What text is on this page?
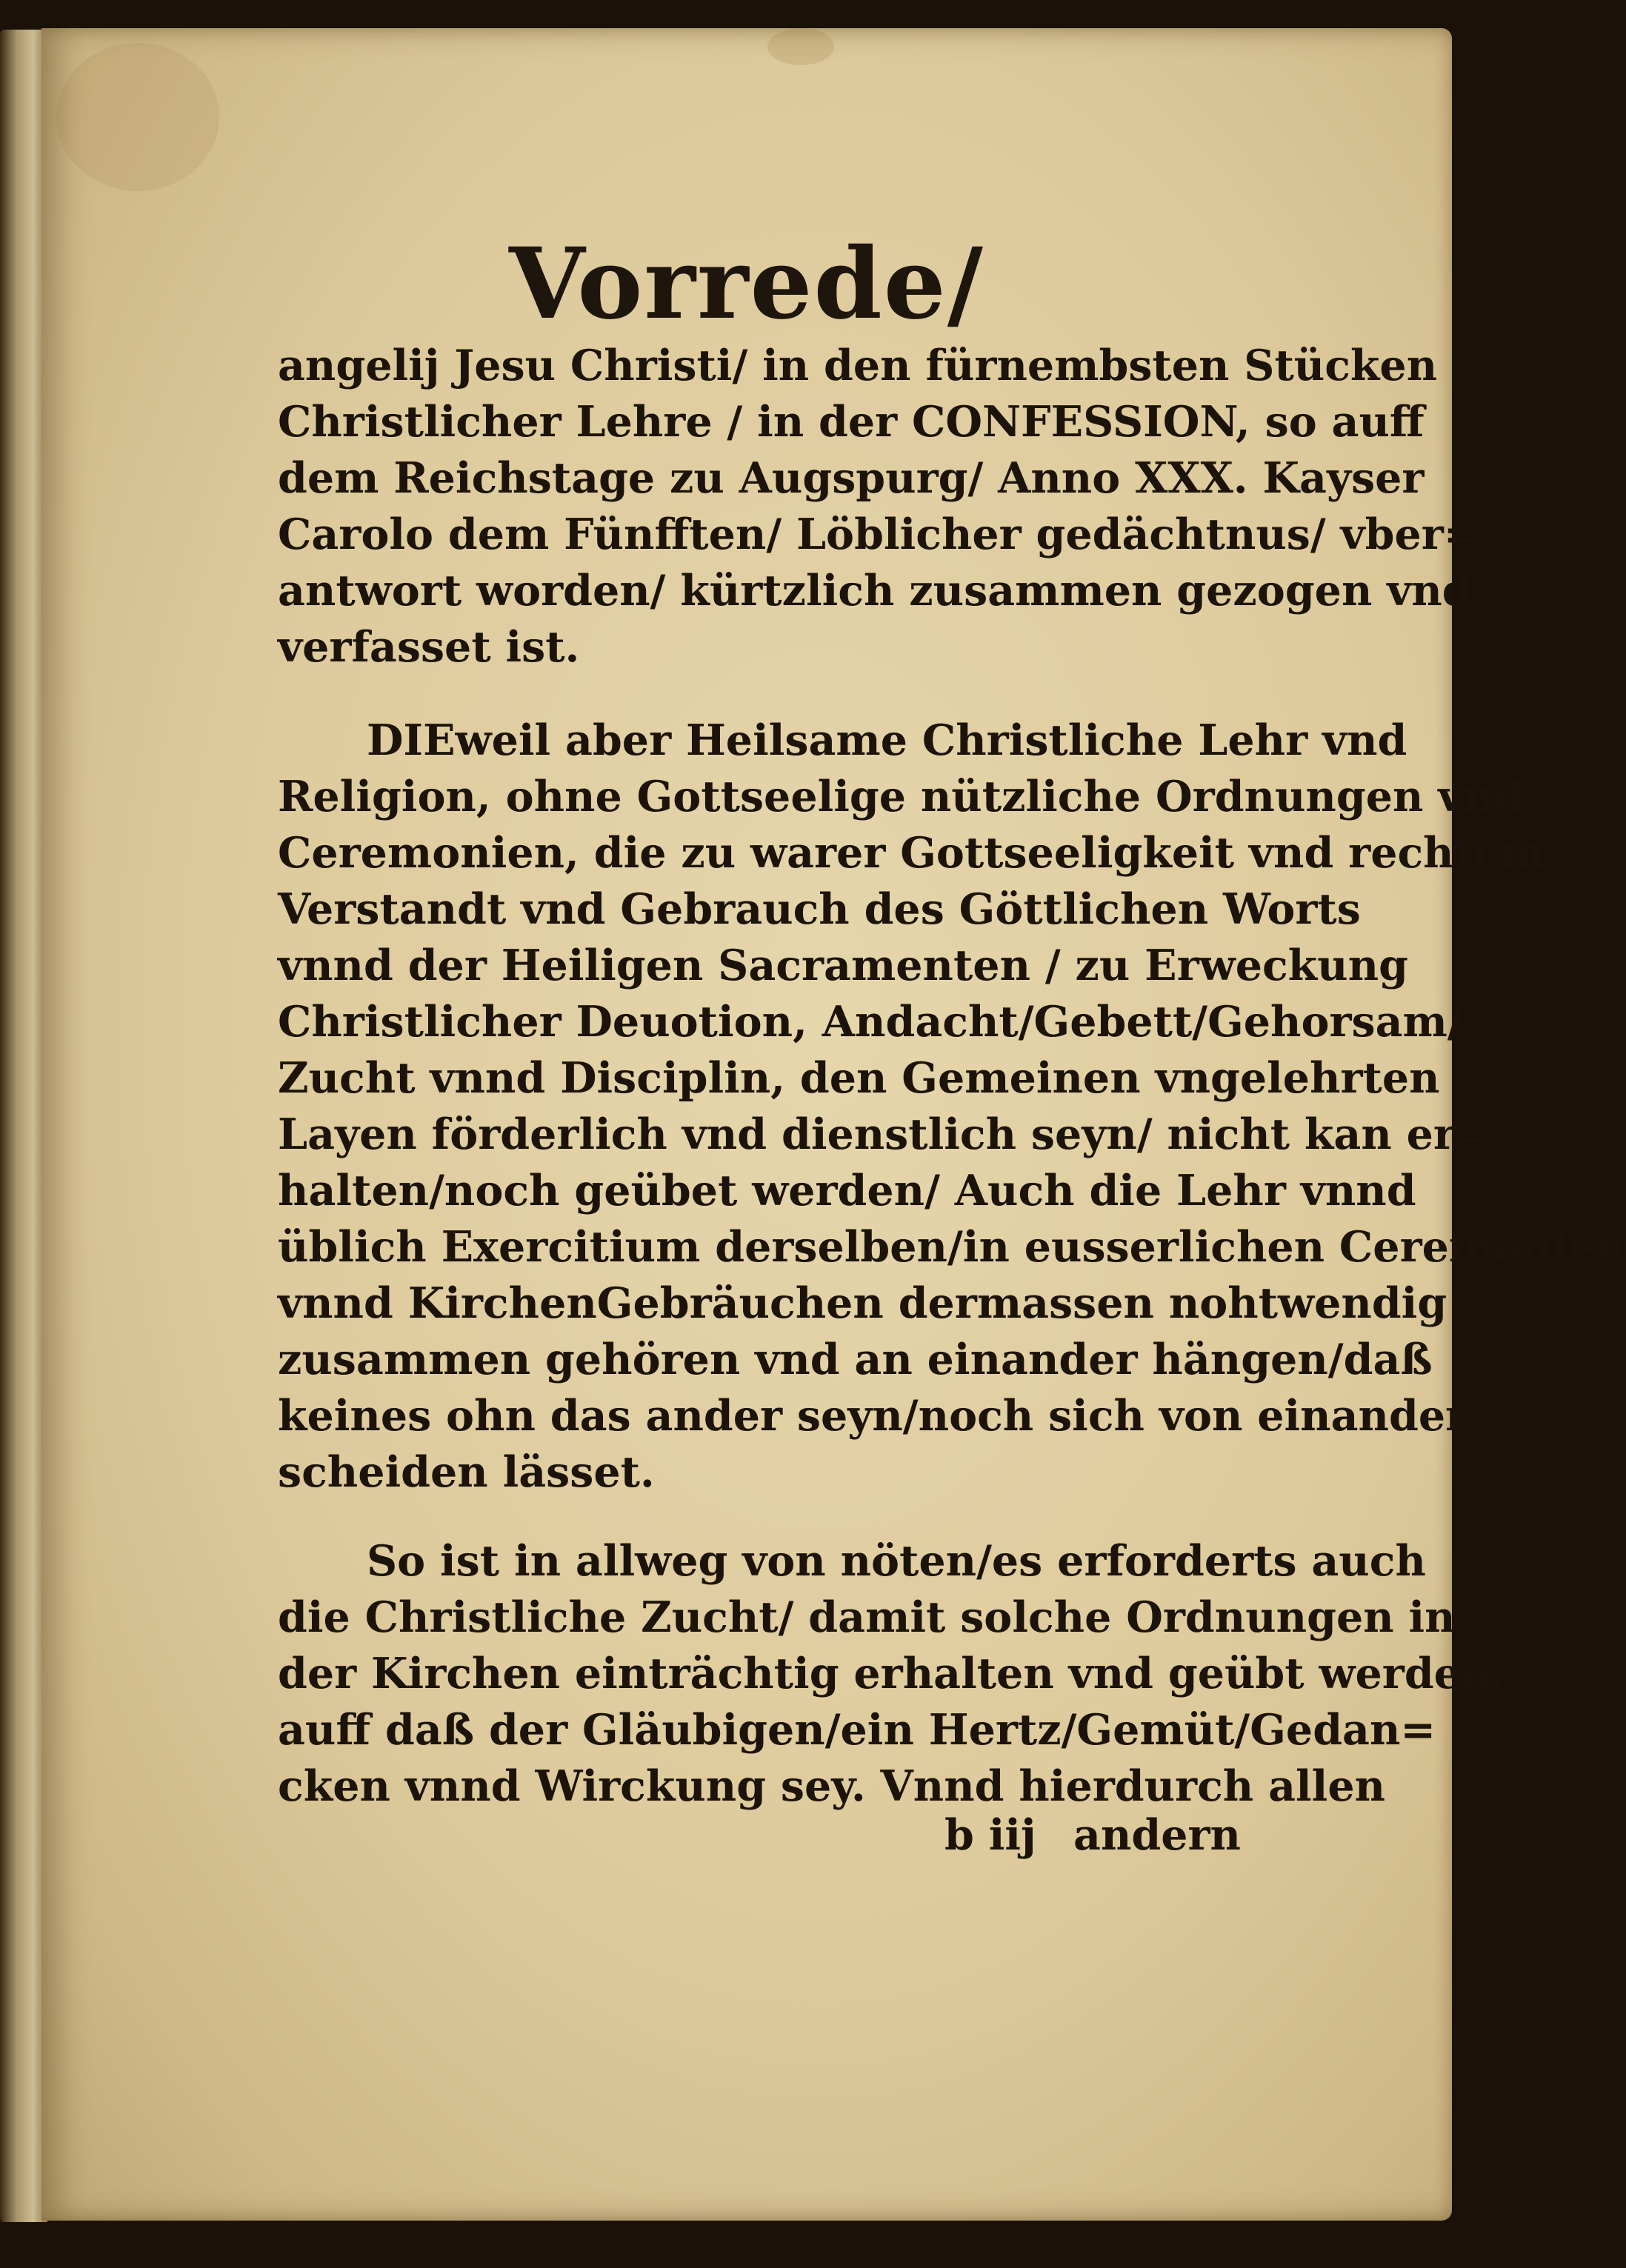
Vorrede/
angelij Jesu Christi/ in den fürnembsten Stücken
Christlicher Lehre / in der CONFESSION, so auff
dem Reichstage zu Augspurg/ Anno XXX. Kayser
Carolo dem Fünfften/ Löblicher gedächtnus/ vber=
antwort worden/ kürtzlich zusammen gezogen vnd
verfasset ist.
DIEweil aber Heilsame Christliche Lehr vnd
Religion, ohne Gottseelige nützliche Ordnungen vnd
Ceremonien, die zu warer Gottseeligkeit vnd rechtem
Verstandt vnd Gebrauch des Göttlichen Worts
vnnd der Heiligen Sacramenten / zu Erweckung
Christlicher Deuotion, Andacht/Gebett/Gehorsam/
Zucht vnnd Disciplin, den Gemeinen vngelehrten
Layen förderlich vnd dienstlich seyn/ nicht kan er=
halten/noch geübet werden/ Auch die Lehr vnnd
üblich Exercitium derselben/in eusserlichen Ceremonien
vnnd KirchenGebräuchen dermassen nohtwendig
zusammen gehören vnd an einander hängen/daß
keines ohn das ander seyn/noch sich von einander
scheiden lässet.
So ist in allweg von nöten/es erforderts auch
die Christliche Zucht/ damit solche Ordnungen in
der Kirchen einträchtig erhalten vnd geübt werden/
auff daß der Gläubigen/ein Hertz/Gemüt/Gedan=
cken vnnd Wirckung sey. Vnnd hierdurch allen
b iij andern
